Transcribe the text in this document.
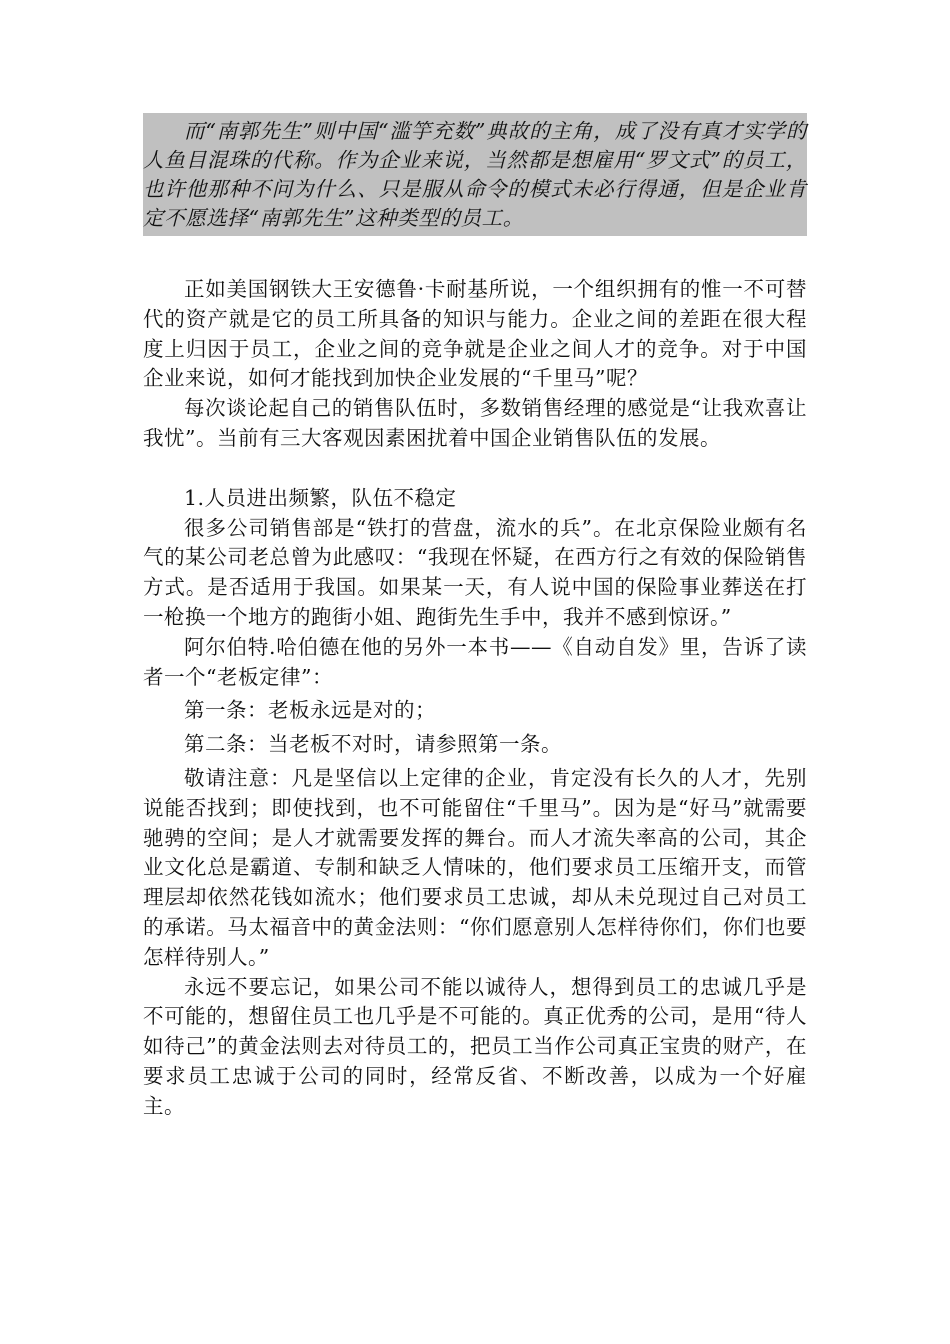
而“南郭先生”则中国“滥竽充数”典故的主角，成了没有真才实学的人鱼目混珠的代称。作为企业来说，当然都是想雇用“罗文式”的员工，也许他那种不问为什么、只是服从命令的模式未必行得通，但是企业肯定不愿选择“南郭先生”这种类型的员工。

正如美国钢铁大王安德鲁·卡耐基所说，一个组织拥有的惟一不可替代的资产就是它的员工所具备的知识与能力。企业之间的差距在很大程度上归因于员工，企业之间的竞争就是企业之间人才的竞争。对于中国企业来说，如何才能找到加快企业发展的“千里马”呢？

每次谈论起自己的销售队伍时，多数销售经理的感觉是“让我欢喜让我忧”。当前有三大客观因素困扰着中国企业销售队伍的发展。

1.人员进出频繁，队伍不稳定

很多公司销售部是“铁打的营盘，流水的兵”。在北京保险业颇有名气的某公司老总曾为此感叹：“我现在怀疑，在西方行之有效的保险销售方式。是否适用于我国。如果某一天，有人说中国的保险事业葬送在打一枪换一个地方的跑街小姐、跑街先生手中，我并不感到惊讶。”

阿尔伯特.哈伯德在他的另外一本书——《自动自发》里，告诉了读者一个“老板定律”：

第一条：老板永远是对的；

第二条：当老板不对时，请参照第一条。

敬请注意：凡是坚信以上定律的企业，肯定没有长久的人才，先别说能否找到；即使找到，也不可能留住“千里马”。因为是“好马”就需要驰骋的空间；是人才就需要发挥的舞台。而人才流失率高的公司，其企业文化总是霸道、专制和缺乏人情味的，他们要求员工压缩开支，而管理层却依然花钱如流水；他们要求员工忠诚，却从未兑现过自己对员工的承诺。马太福音中的黄金法则：“你们愿意别人怎样待你们，你们也要怎样待别人。”

永远不要忘记，如果公司不能以诚待人，想得到员工的忠诚几乎是不可能的，想留住员工也几乎是不可能的。真正优秀的公司，是用“待人如待己”的黄金法则去对待员工的，把员工当作公司真正宝贵的财产，在要求员工忠诚于公司的同时，经常反省、不断改善，以成为一个好雇主。
